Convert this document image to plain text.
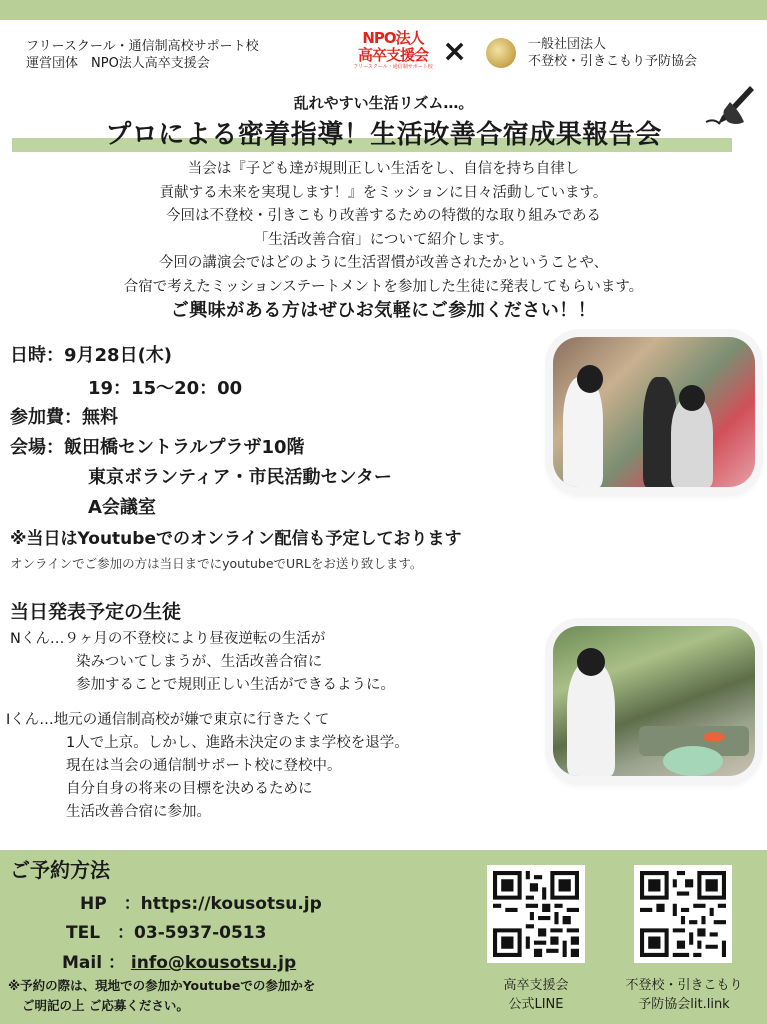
フリースクール・通信制高校サポート校
運営団体　NPO法人高卒支援会
NPO法人
高卒支援会
フリースクール・通信制サポート校 ×	一般社団法人
不登校・引きこもり予防協会
乱れやすい生活リズム…。
プロによる密着指導！生活改善合宿成果報告会
当会は『子ども達が規則正しい生活をし、自信を持ち自律し
貢献する未来を実現します！』をミッションに日々活動しています。
今回は不登校・引きこもり改善するための特徴的な取り組みである
「生活改善合宿」について紹介します。
今回の講演会ではどのように生活習慣が改善されたかということや、
合宿で考えたミッションステートメントを参加した生徒に発表してもらいます。
ご興味がある方はぜひお気軽にご参加ください！！
日時：9月28日(木)
19：15〜20：00
参加費：無料
会場：飯田橋セントラルプラザ10階
東京ボランティア・市民活動センター
A会議室
※当日はYoutubeでのオンライン配信も予定しております
オンラインでご参加の方は当日までにyoutubeでURLをお送り致します。
当日発表予定の生徒
Nくん…９ヶ月の不登校により昼夜逆転の生活が
染みついてしまうが、生活改善合宿に
参加することで規則正しい生活ができるように。
Iくん…地元の通信制高校が嫌で東京に行きたくて
1人で上京。しかし、進路未決定のまま学校を退学。
現在は当会の通信制サポート校に登校中。
自分自身の将来の目標を決めるために
生活改善合宿に参加。
ご予約方法
HP　：https://kousotsu.jp
TEL　：03-5937-0513
Mail ： info@kousotsu.jp
※予約の際は、現地での参加かYoutubeでの参加かを
ご明記の上 ご応募ください。
高卒支援会
公式LINE
不登校・引きこもり
予防協会lit.link
